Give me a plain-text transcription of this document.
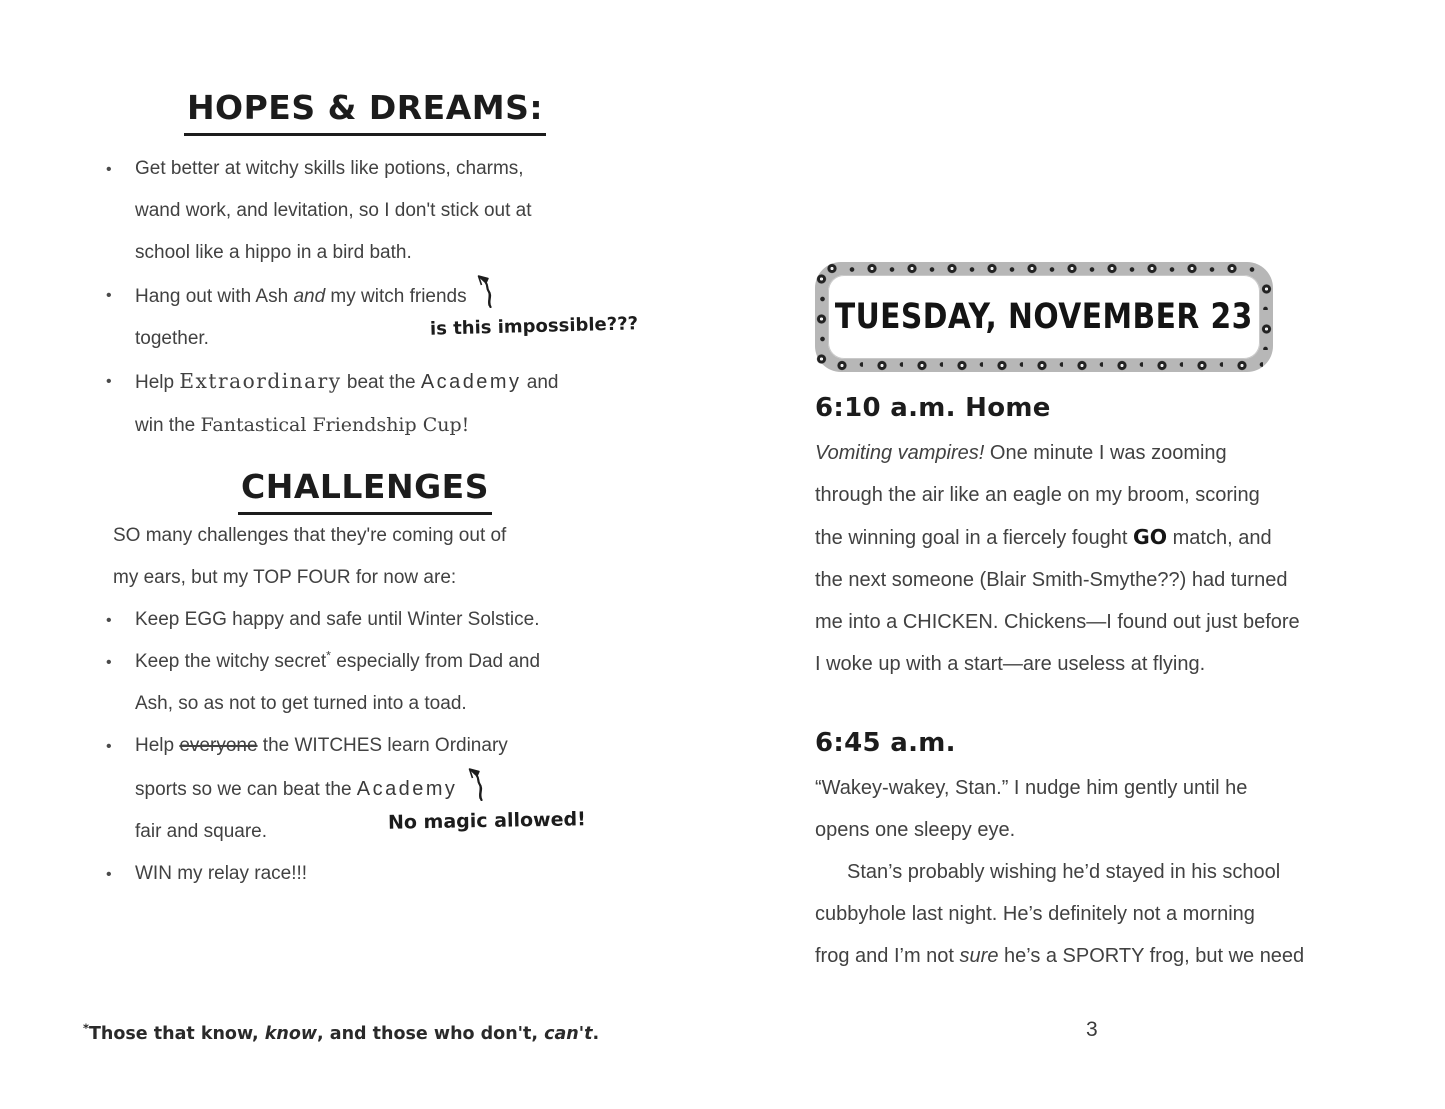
HOPES & DREAMS:
• Get better at witchy skills like potions, charms,
wand work, and levitation, so I don't stick out at
school like a hippo in a bird bath.
• Hang out with Ash and my witch friends
together.
• Help Extraordinary beat the Academy and
win the Fantastical Friendship Cup!
CHALLENGES

SO many challenges that they're coming out of
my ears, but my TOP FOUR for now are:

• Keep EGG happy and safe until Winter Solstice.
• Keep the witchy secret* especially from Dad and
Ash, so as not to get turned into a toad.
• Help everyone the WITCHES learn Ordinary
sports so we can beat the Academy
fair and square.
• WIN my relay race!!!
is this impossible???
No magic allowed!
*Those that know, know, and those who don't, can't.
TUESDAY, NOVEMBER 23
6:10 a.m. Home

Vomiting vampires! One minute I was zooming
through the air like an eagle on my broom, scoring
the winning goal in a fiercely fought GO match, and
the next someone (Blair Smith-Smythe??) had turned
me into a CHICKEN. Chickens—I found out just before
I woke up with a start—are useless at flying.

6:45 a.m.

“Wakey-wakey, Stan.” I nudge him gently until he
opens one sleepy eye.

Stan’s probably wishing he’d stayed in his school
cubbyhole last night. He’s definitely not a morning
frog and I’m not sure he’s a SPORTY frog, but we need

3
